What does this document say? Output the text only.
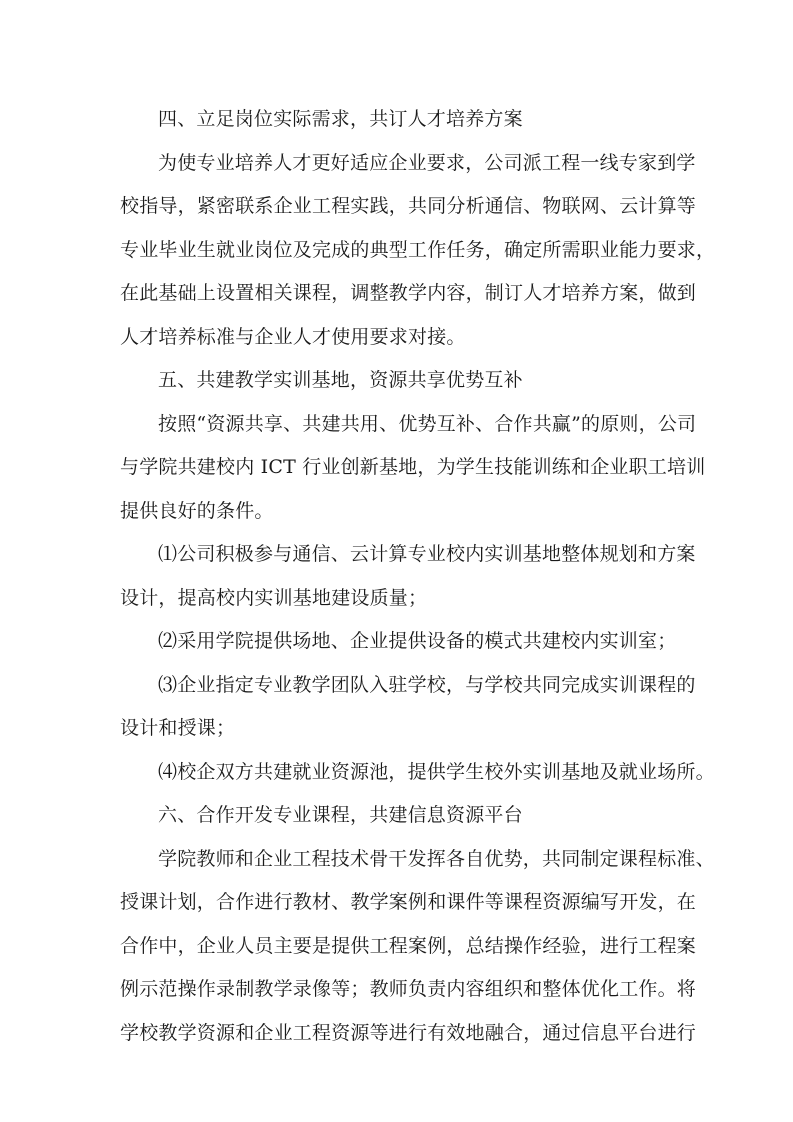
四、立足岗位实际需求，共订人才培养方案
为使专业培养人才更好适应企业要求，公司派工程一线专家到学
校指导，紧密联系企业工程实践，共同分析通信、物联网、云计算等
专业毕业生就业岗位及完成的典型工作任务，确定所需职业能力要求，
在此基础上设置相关课程，调整教学内容，制订人才培养方案，做到
人才培养标准与企业人才使用要求对接。
五、共建教学实训基地，资源共享优势互补
按照“资源共享、共建共用、优势互补、合作共赢”的原则，公司
与学院共建校内 ICT 行业创新基地，为学生技能训练和企业职工培训
提供良好的条件。
⑴公司积极参与通信、云计算专业校内实训基地整体规划和方案
设计，提高校内实训基地建设质量；
⑵采用学院提供场地、企业提供设备的模式共建校内实训室；
⑶企业指定专业教学团队入驻学校，与学校共同完成实训课程的
设计和授课；
⑷校企双方共建就业资源池，提供学生校外实训基地及就业场所。
六、合作开发专业课程，共建信息资源平台
学院教师和企业工程技术骨干发挥各自优势，共同制定课程标准、
授课计划，合作进行教材、教学案例和课件等课程资源编写开发，在
合作中，企业人员主要是提供工程案例，总结操作经验，进行工程案
例示范操作录制教学录像等；教师负责内容组织和整体优化工作。将
学校教学资源和企业工程资源等进行有效地融合，通过信息平台进行
